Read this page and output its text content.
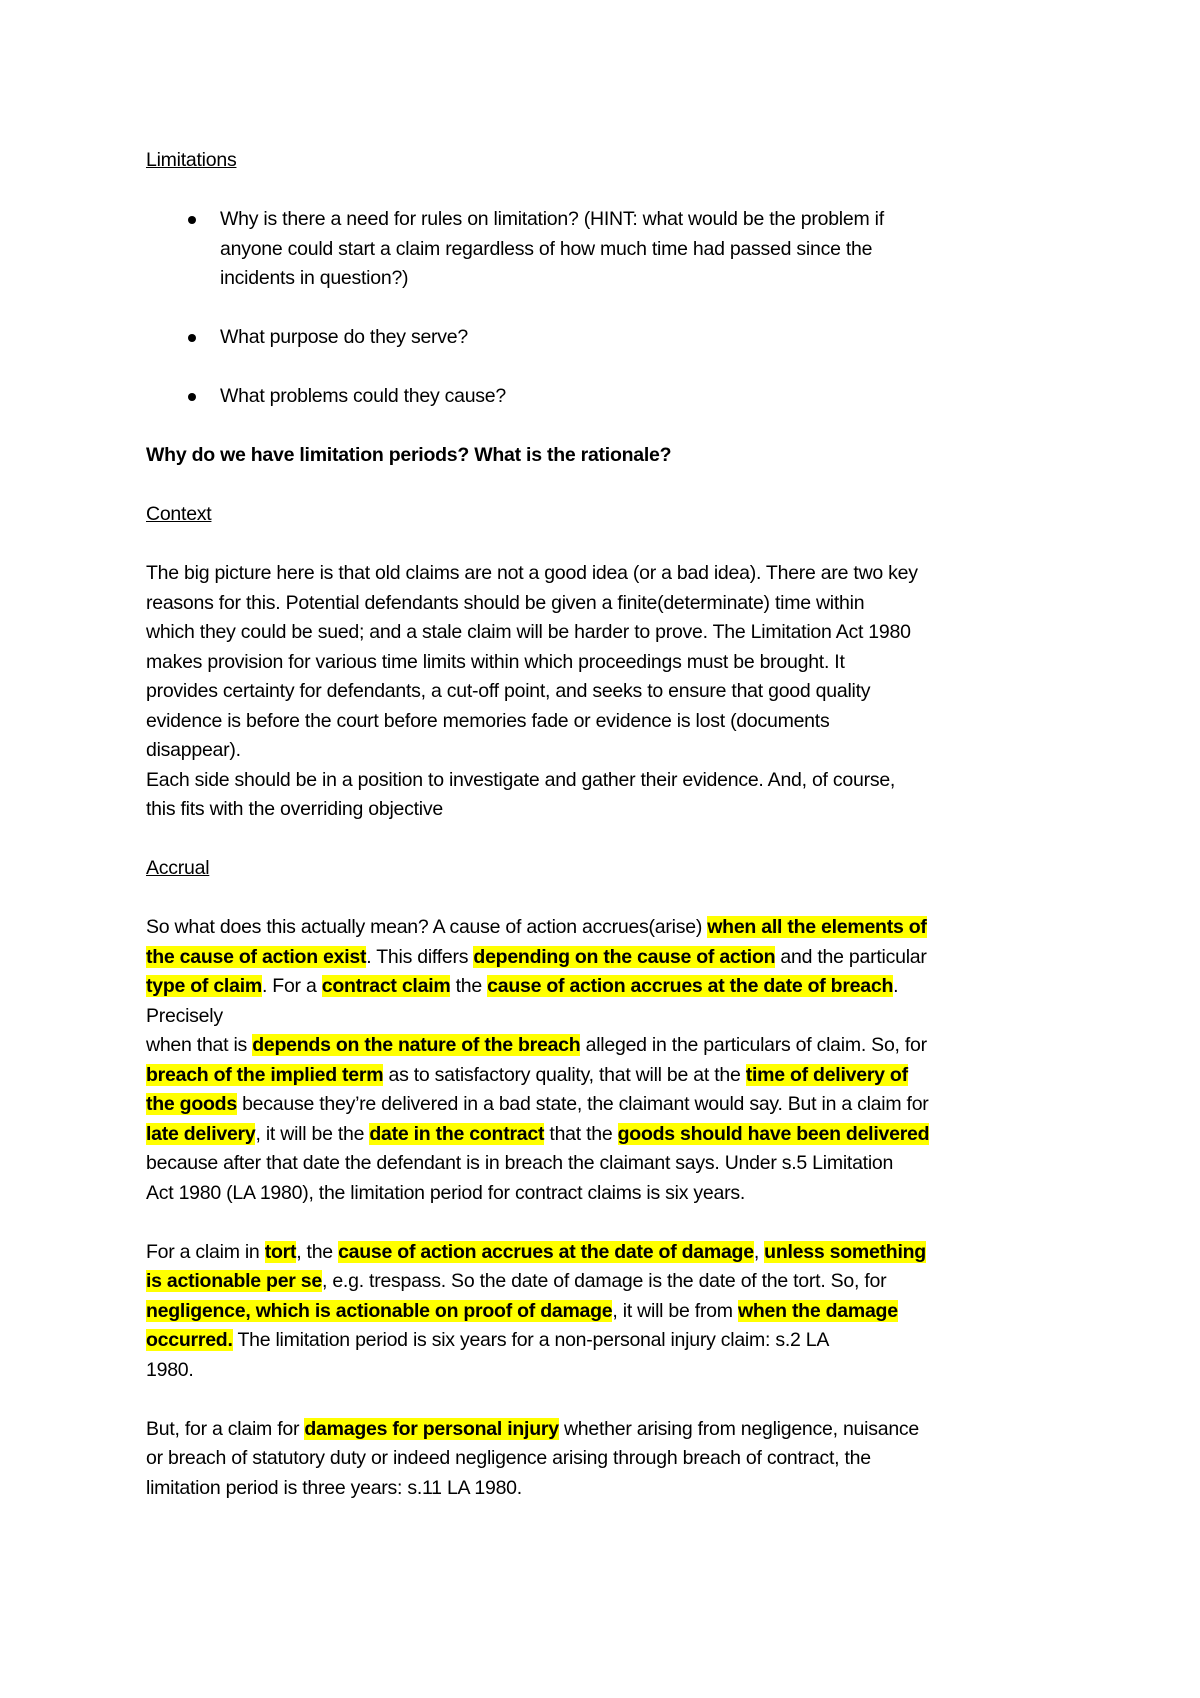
Limitations
Why is there a need for rules on limitation? (HINT: what would be the problem if
anyone could start a claim regardless of how much time had passed since the
incidents in question?)
What purpose do they serve?
What problems could they cause?
Why do we have limitation periods? What is the rationale?
Context
The big picture here is that old claims are not a good idea (or a bad idea). There are two key
reasons for this. Potential defendants should be given a finite(determinate) time within
which they could be sued; and a stale claim will be harder to prove. The Limitation Act 1980
makes provision for various time limits within which proceedings must be brought. It
provides certainty for defendants, a cut-off point, and seeks to ensure that good quality
evidence is before the court before memories fade or evidence is lost (documents
disappear).
Each side should be in a position to investigate and gather their evidence. And, of course,
this fits with the overriding objective
Accrual
So what does this actually mean? A cause of action accrues(arise) when all the elements of
the cause of action exist. This differs depending on the cause of action and the particular
type of claim. For a contract claim the cause of action accrues at the date of breach.
Precisely
when that is depends on the nature of the breach alleged in the particulars of claim. So, for
breach of the implied term as to satisfactory quality, that will be at the time of delivery of
the goods because they’re delivered in a bad state, the claimant would say. But in a claim for
late delivery, it will be the date in the contract that the goods should have been delivered
because after that date the defendant is in breach the claimant says. Under s.5 Limitation
Act 1980 (LA 1980), the limitation period for contract claims is six years.
For a claim in tort, the cause of action accrues at the date of damage, unless something
is actionable per se, e.g. trespass. So the date of damage is the date of the tort. So, for
negligence, which is actionable on proof of damage, it will be from when the damage
occurred. The limitation period is six years for a non-personal injury claim: s.2 LA
1980.
But, for a claim for damages for personal injury whether arising from negligence, nuisance
or breach of statutory duty or indeed negligence arising through breach of contract, the
limitation period is three years: s.11 LA 1980.
